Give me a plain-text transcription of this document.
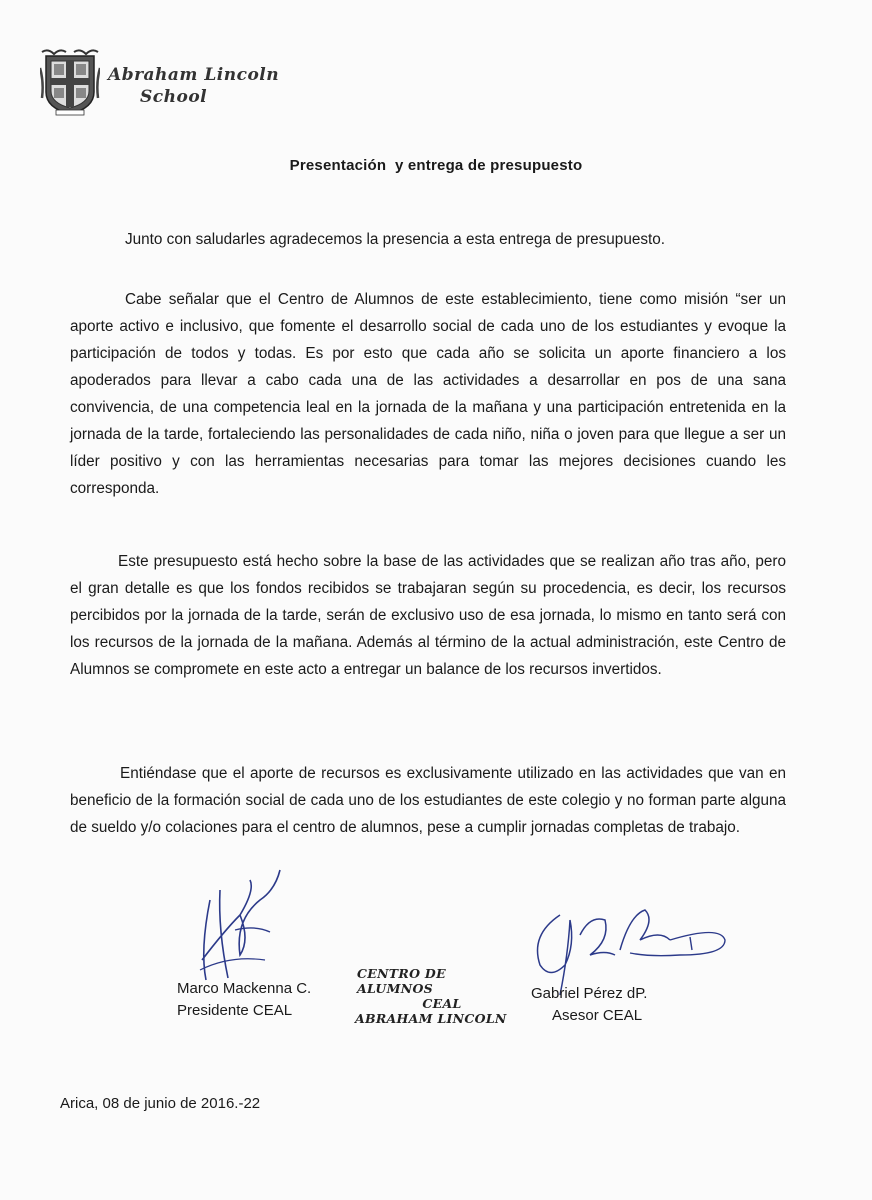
Abraham Lincoln
School
Presentación  y entrega de presupuesto

Junto con saludarles agradecemos la presencia a esta entrega de presupuesto.

Cabe señalar que el Centro de Alumnos de este establecimiento, tiene como misión “ser un aporte activo e inclusivo, que fomente el desarrollo social de cada uno de los estudiantes y evoque la participación de todos y todas. Es por esto que cada año se solicita un aporte financiero a los apoderados para llevar a cabo cada una de las actividades a desarrollar en pos de una sana convivencia, de una competencia leal en la jornada de la mañana y una participación entretenida en la jornada de la tarde, fortaleciendo las personalidades de cada niño, niña o joven para que llegue a ser un líder positivo y con las herramientas necesarias para tomar las mejores decisiones cuando les corresponda.

Este presupuesto está hecho sobre la base de las actividades que se realizan año tras año, pero el gran detalle es que los fondos recibidos se trabajaran según su procedencia, es decir, los recursos percibidos por la jornada de la tarde, serán de exclusivo uso de esa jornada, lo mismo en tanto será con los recursos de la jornada de la mañana. Además al término de la actual administración, este Centro de Alumnos se compromete en este acto a entregar un balance de los recursos invertidos.

Entiéndase que el aporte de recursos es exclusivamente utilizado en las actividades que van en beneficio de la formación social de cada uno de los estudiantes de este colegio y no forman parte alguna de sueldo y/o colaciones para el centro de alumnos, pese a cumplir jornadas completas de trabajo.

Marco Mackenna C.
Presidente CEAL
CENTRO DE ALUMNOS
CEAL
ABRAHAM LINCOLN
Gabriel Pérez dP.
Asesor CEAL
Arica, 08 de junio de 2016.-22
